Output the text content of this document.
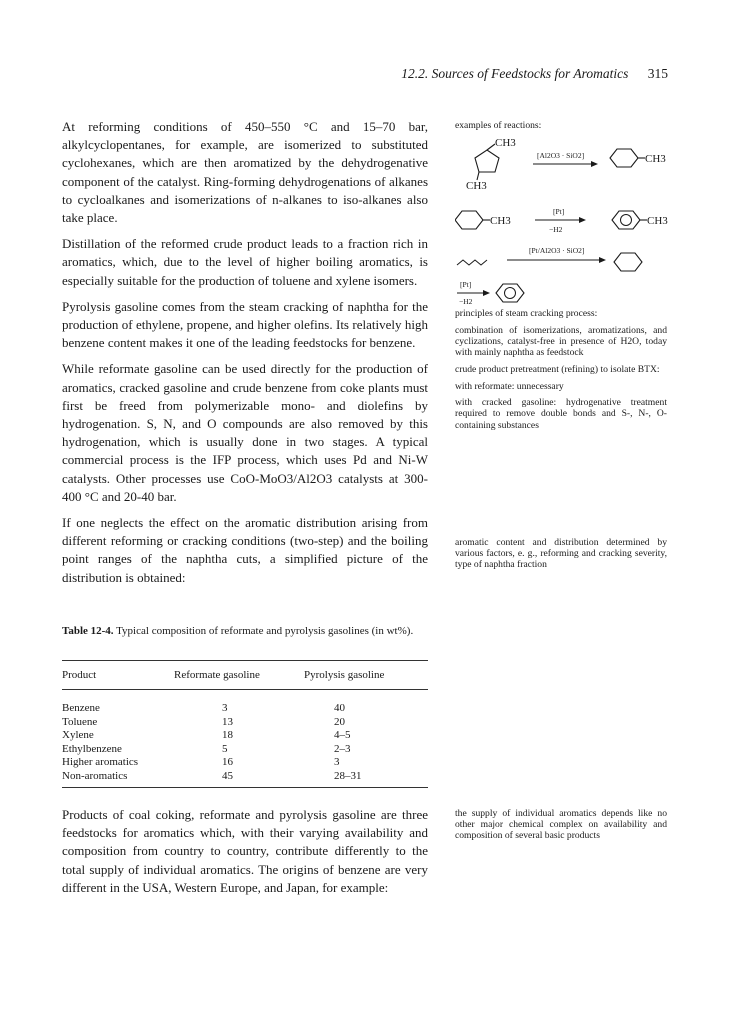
12.2. Sources of Feedstocks for Aromatics 315

At reforming conditions of 450–550 °C and 15–70 bar, alkylcyclopentanes, for example, are isomerized to substituted cyclohexanes, which are then aromatized by the dehydrogenative component of the catalyst. Ring-forming dehydrogenations of alkanes to cycloalkanes and isomerizations of n-alkanes to iso-alkanes also take place.

Distillation of the reformed crude product leads to a fraction rich in aromatics, which, due to the level of higher boiling aromatics, is especially suitable for the production of toluene and xylene isomers.

Pyrolysis gasoline comes from the steam cracking of naphtha for the production of ethylene, propene, and higher olefins. Its relatively high benzene content makes it one of the leading feedstocks for benzene.

While reformate gasoline can be used directly for the production of aromatics, cracked gasoline and crude benzene from coke plants must first be freed from polymerizable mono- and diolefins by hydrogenation. S, N, and O compounds are also removed by this hydrogenation, which is usually done in two stages. A typical commercial process is the IFP process, which uses Pd and Ni-W catalysts. Other processes use CoO-MoO3/Al2O3 catalysts at 300-400 °C and 20-40 bar.

If one neglects the effect on the aromatic distribution arising from different reforming or cracking conditions (two-step) and the boiling point ranges of the naphtha cuts, a simplified picture of the distribution is obtained:

examples of reactions:
CH3
CH3
[Al2O3 · SiO2]	CH3
CH3
[Pt]
−H2
CH3
[Pt/Al2O3 · SiO2]
[Pt]
−H2

principles of steam cracking process:

combination of isomerizations, aromatizations, and cyclizations, catalyst-free in presence of H2O, today with mainly naphtha as feedstock

crude product pretreatment (refining) to isolate BTX:

with reformate: unnecessary

with cracked gasoline: hydrogenative treatment required to remove double bonds and S-, N-, O-containing substances

aromatic content and distribution determined by various factors, e. g., reforming and cracking severity, type of naphtha fraction
Table 12-4. Typical composition of reformate and pyrolysis gasolines (in wt%).
Product	Reformate gasoline	Pyrolysis gasoline
Benzene	3	40
Toluene	13	20
Xylene	18	4–5
Ethylbenzene	5	2–3
Higher aromatics	16	3
Non-aromatics	45	28–31

Products of coal coking, reformate and pyrolysis gasoline are three feedstocks for aromatics which, with their varying availability and composition from country to country, contribute differently to the total supply of individual aromatics. The origins of benzene are very different in the USA, Western Europe, and Japan, for example:

the supply of individual aromatics depends like no other major chemical complex on availability and composition of several basic products
